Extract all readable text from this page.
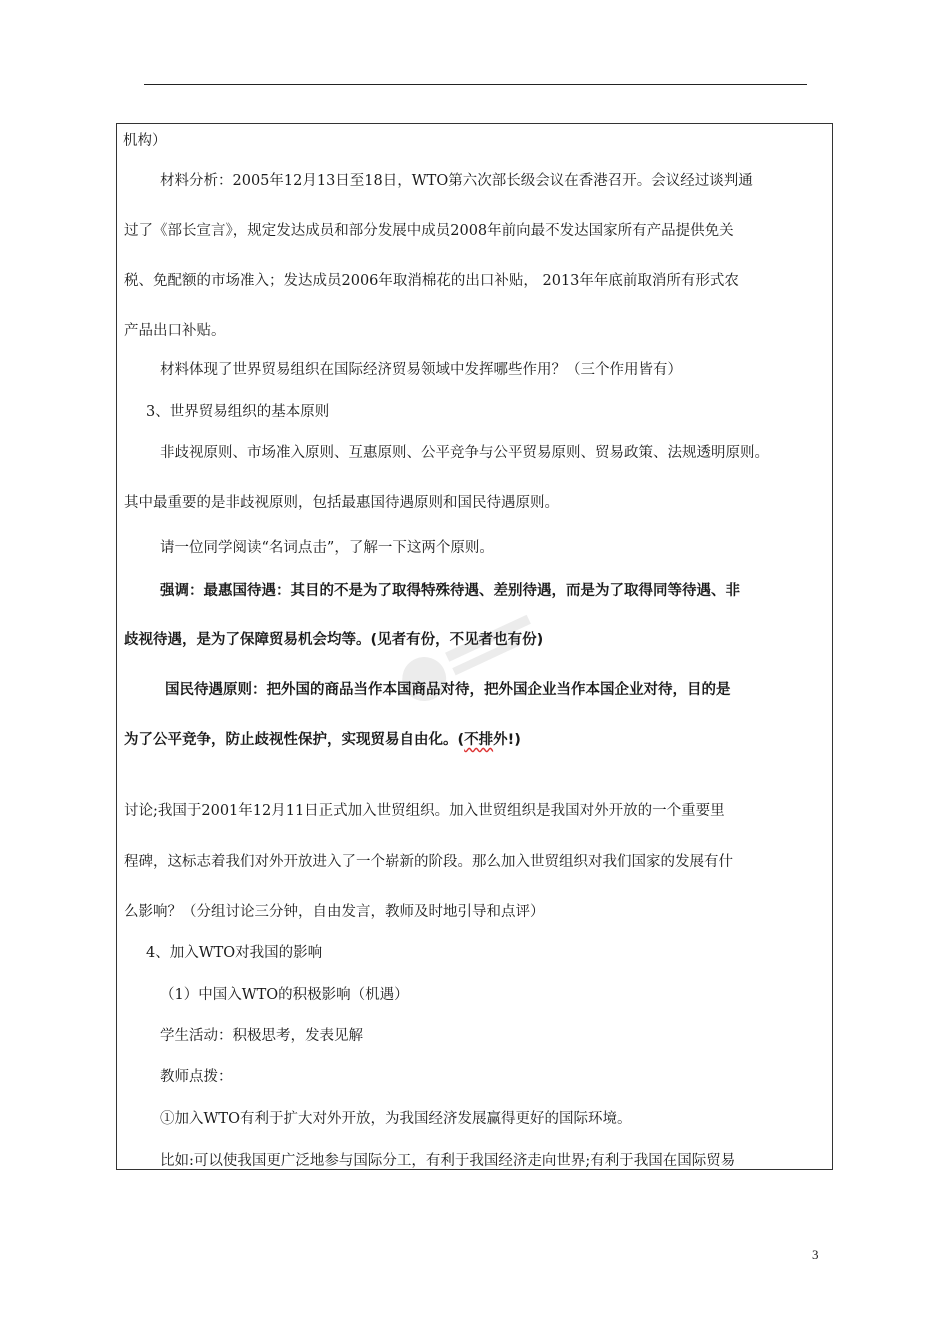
机构）
材料分析：2005年12月13日至18日，WTO第六次部长级会议在香港召开。会议经过谈判通
过了《部长宣言》，规定发达成员和部分发展中成员2008年前向最不发达国家所有产品提供免关
税、免配额的市场准入；发达成员2006年取消棉花的出口补贴， 2013年年底前取消所有形式农
产品出口补贴。
材料体现了世界贸易组织在国际经济贸易领域中发挥哪些作用？（三个作用皆有）
3、世界贸易组织的基本原则
非歧视原则、市场准入原则、互惠原则、公平竞争与公平贸易原则、贸易政策、法规透明原则。
其中最重要的是非歧视原则，包括最惠国待遇原则和国民待遇原则。
请一位同学阅读“名词点击”，了解一下这两个原则。
强调：最惠国待遇：其目的不是为了取得特殊待遇、差别待遇，而是为了取得同等待遇、非
歧视待遇，是为了保障贸易机会均等。(见者有份，不见者也有份)
国民待遇原则：把外国的商品当作本国商品对待，把外国企业当作本国企业对待，目的是
为了公平竞争，防止歧视性保护，实现贸易自由化。(不排外!)
讨论;我国于2001年12月11日正式加入世贸组织。加入世贸组织是我国对外开放的一个重要里
程碑，这标志着我们对外开放进入了一个崭新的阶段。那么加入世贸组织对我们国家的发展有什
么影响？（分组讨论三分钟，自由发言，教师及时地引导和点评）
4、加入WTO对我国的影响
（1）中国入WTO的积极影响（机遇）
学生活动：积极思考，发表见解
教师点拨：
①加入WTO有利于扩大对外开放，为我国经济发展赢得更好的国际环境。
比如:可以使我国更广泛地参与国际分工，有利于我国经济走向世界;有利于我国在国际贸易
3
